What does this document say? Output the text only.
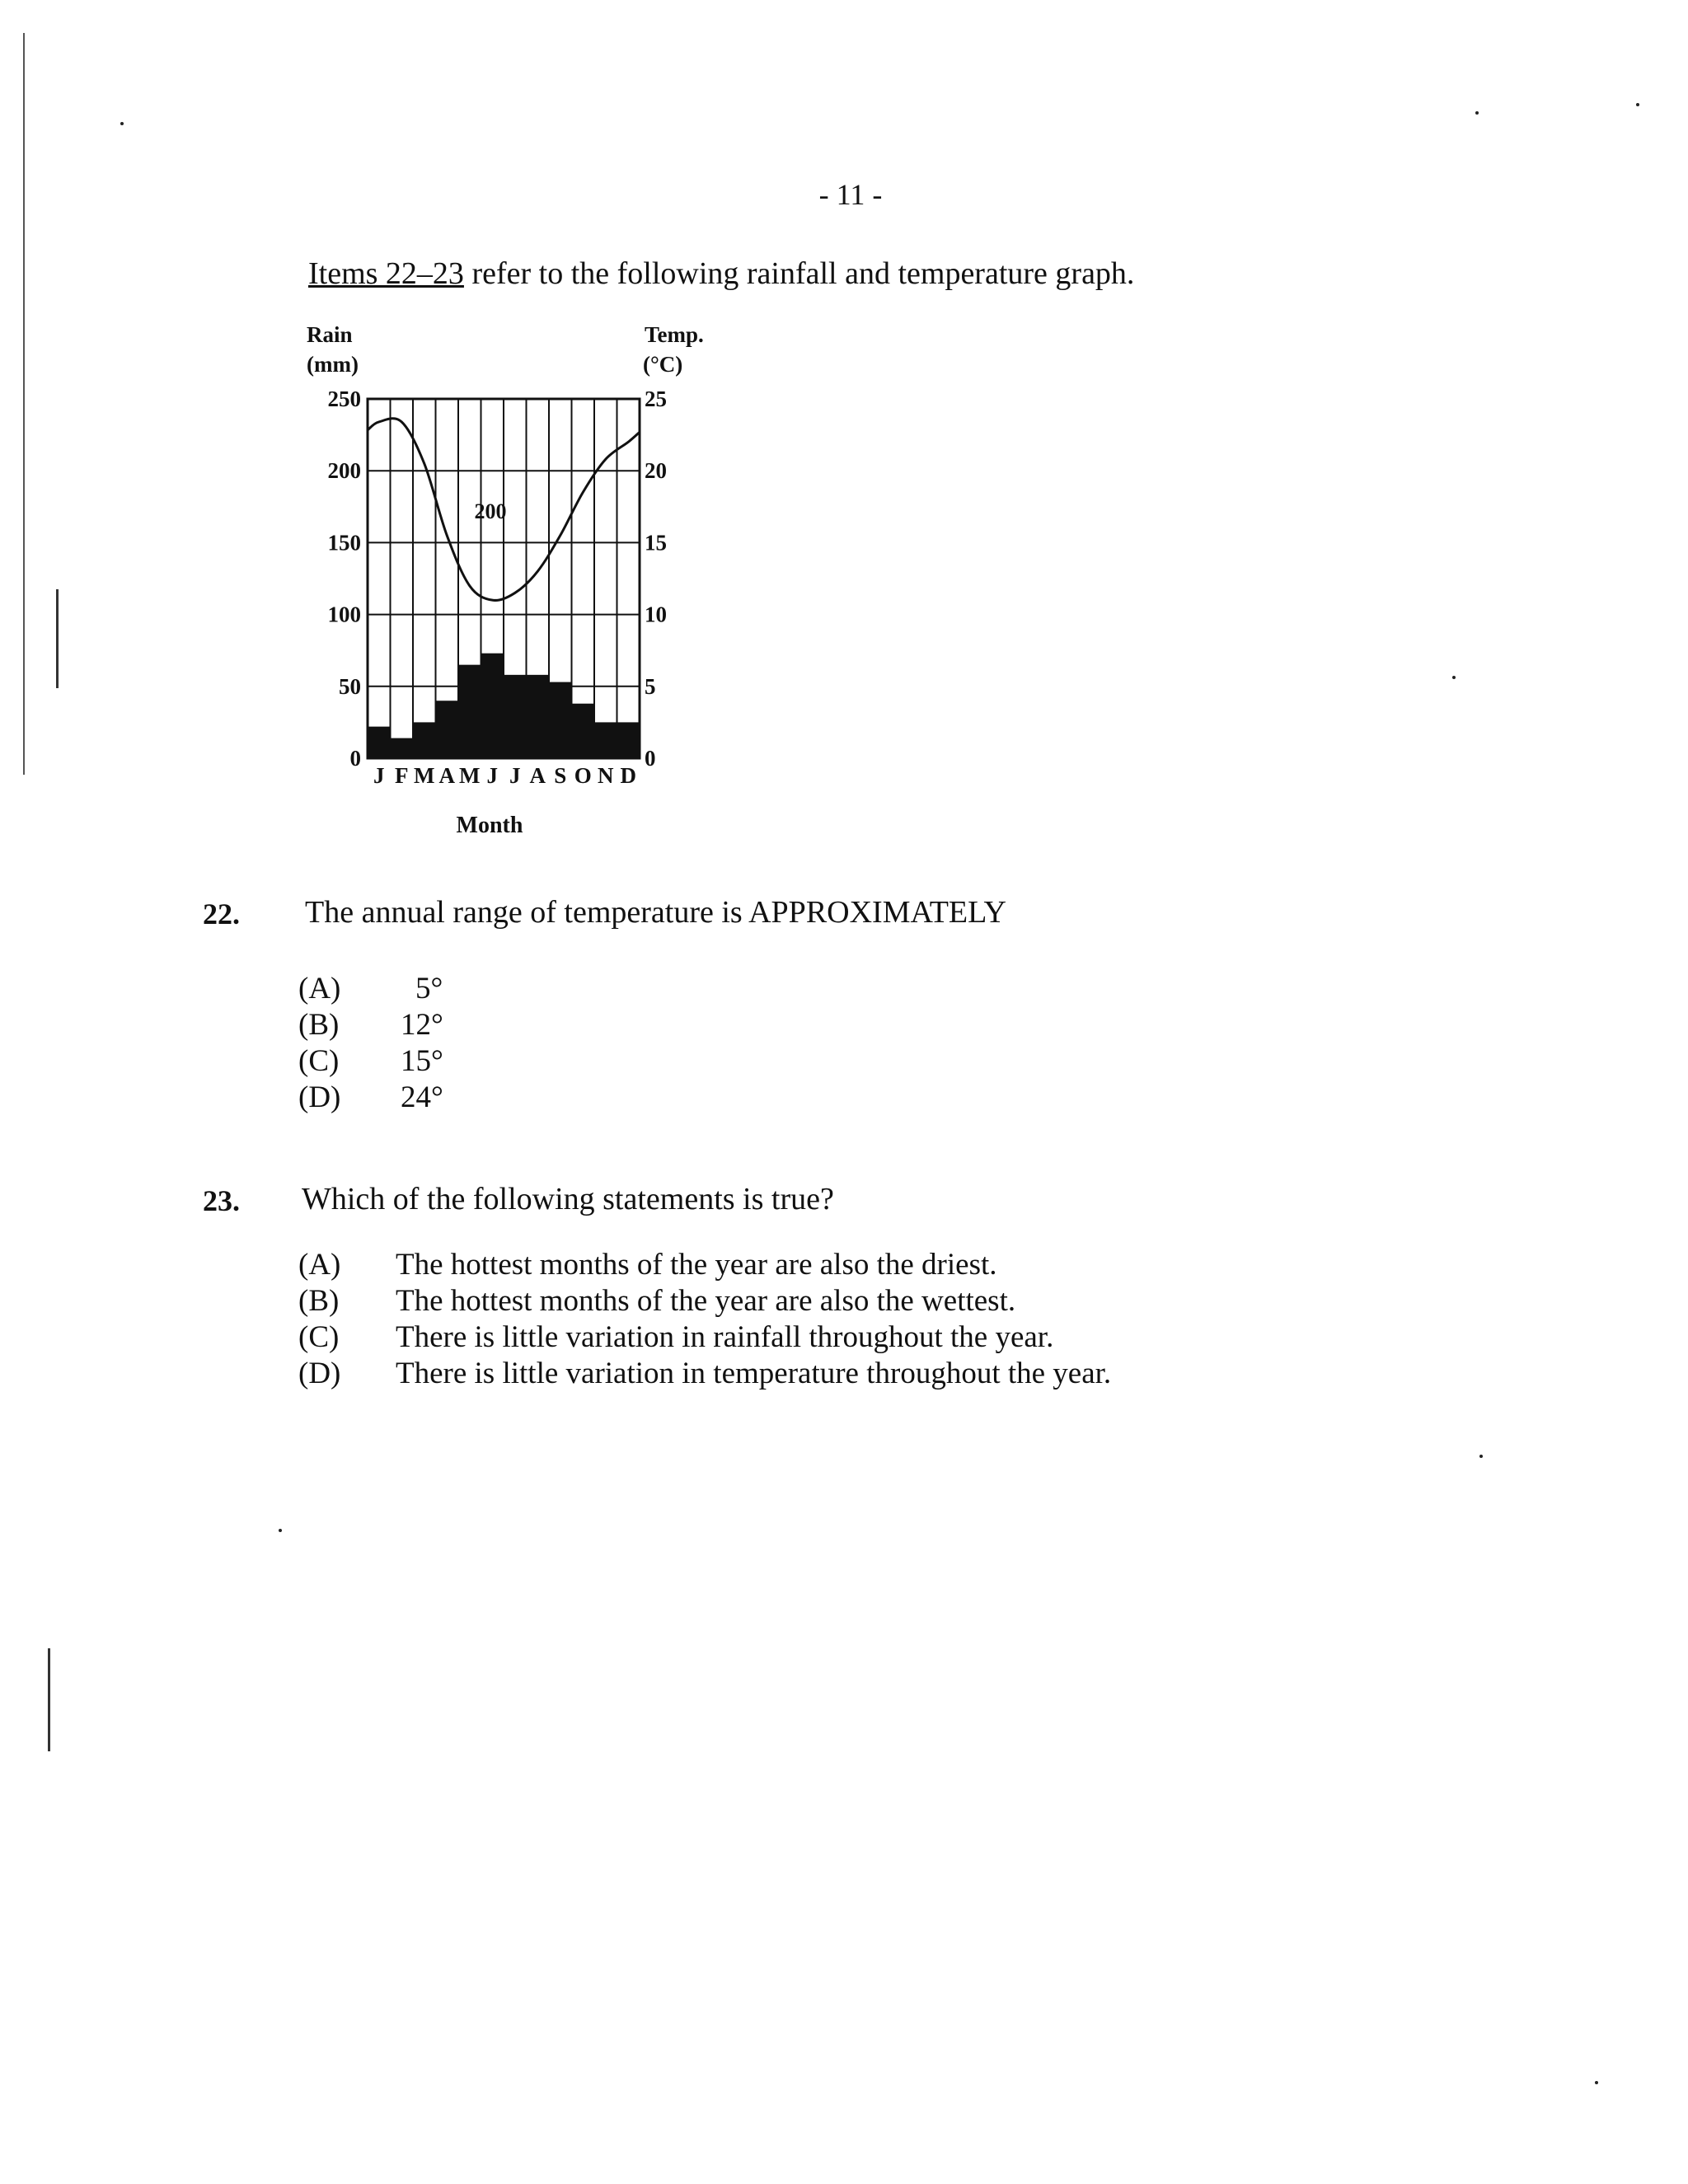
- 11 -
Items 22–23 refer to the following rainfall and temperature graph.
Rain
(mm)
Temp.
(°C)
250
200
150
100
50
0
25
20
15
10
5
0
J F M A M J J A S O N D
200
Month
22. The annual range of temperature is APPROXIMATELY
(A) 5°
(B) 12°
(C) 15°
(D) 24°
23. Which of the following statements is true?
(A) The hottest months of the year are also the driest.
(B) The hottest months of the year are also the wettest.
(C) There is little variation in rainfall throughout the year.
(D) There is little variation in temperature throughout the year.
